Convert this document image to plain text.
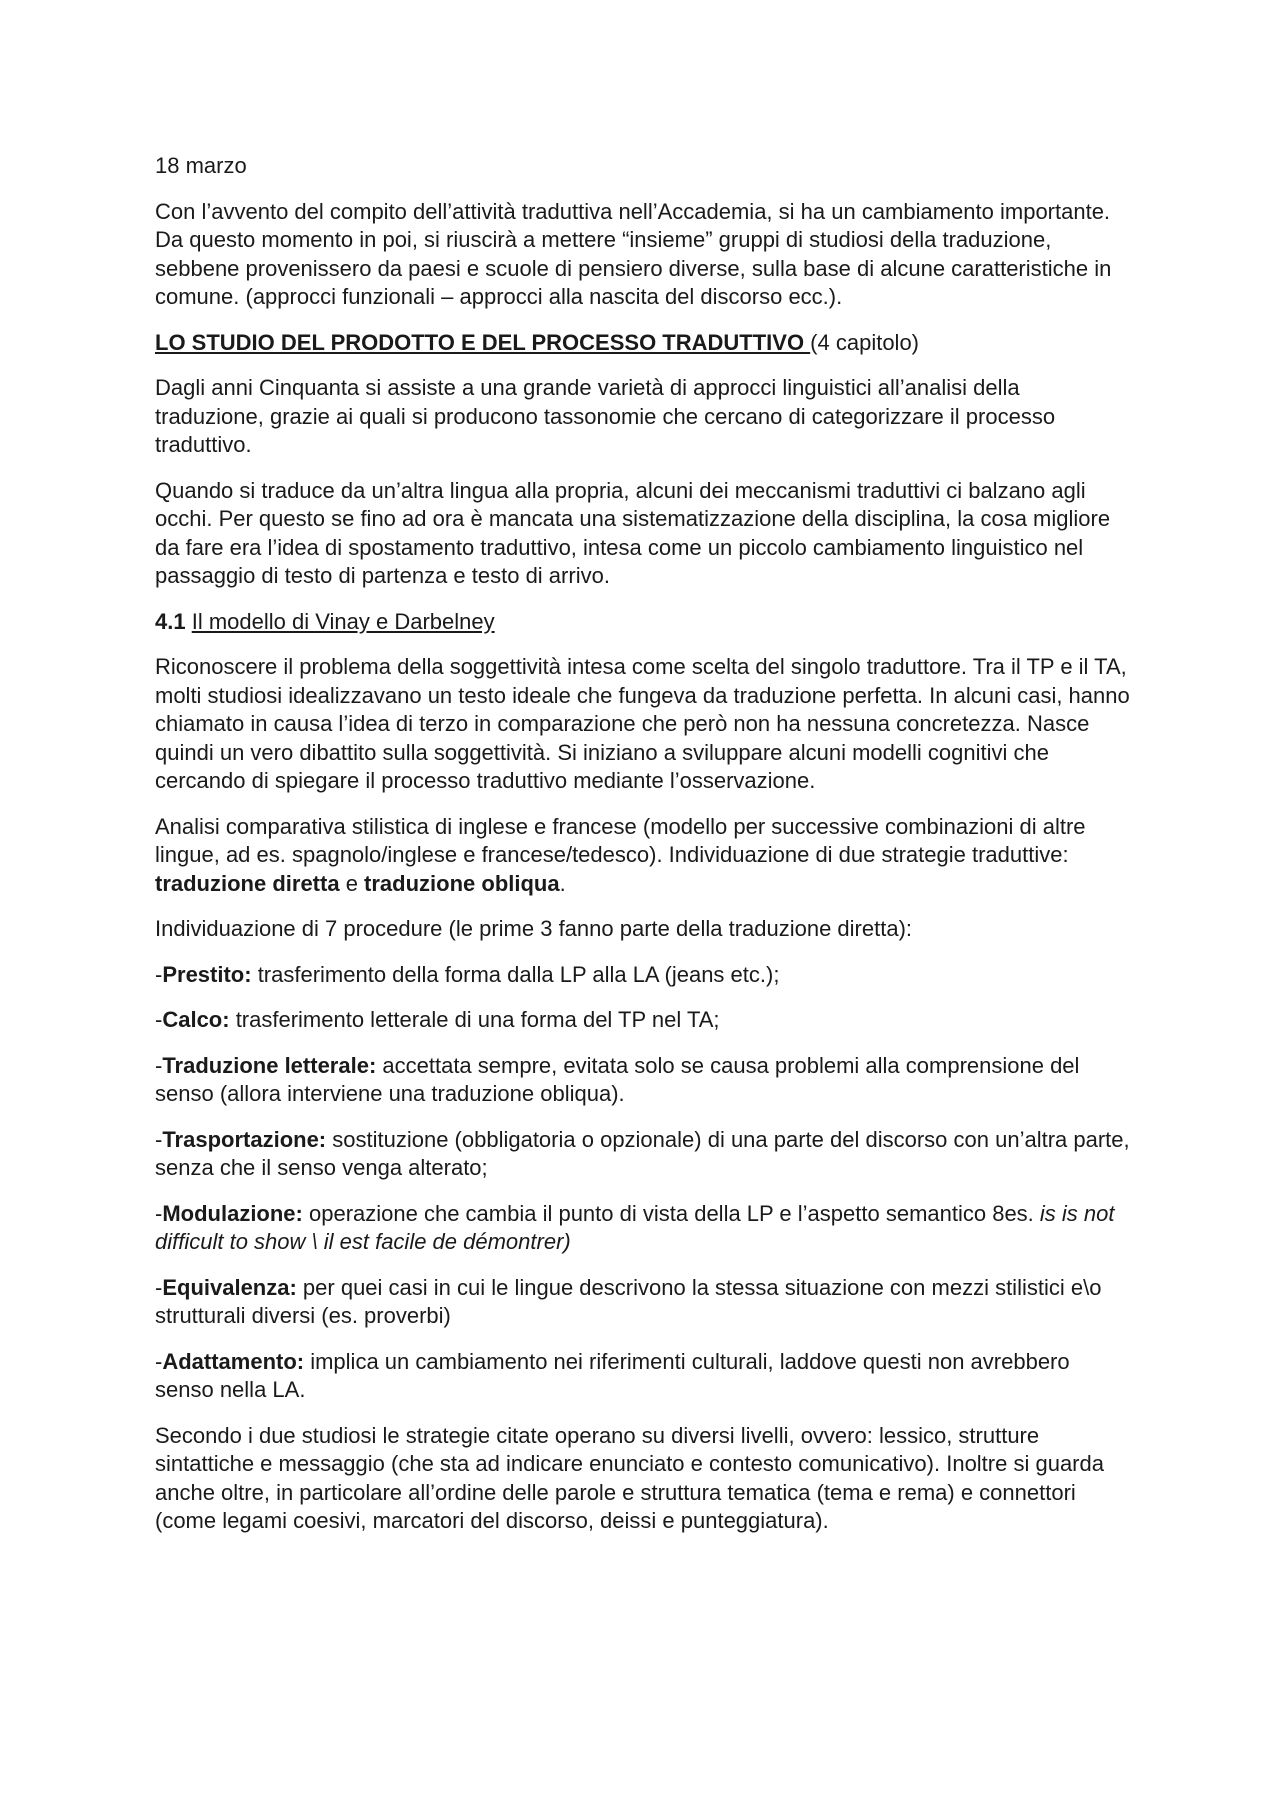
18 marzo

Con l’avvento del compito dell’attività traduttiva nell’Accademia, si ha un cambiamento importante. Da questo momento in poi, si riuscirà a mettere “insieme” gruppi di studiosi della traduzione, sebbene provenissero da paesi e scuole di pensiero diverse, sulla base di alcune caratteristiche in comune. (approcci funzionali – approcci alla nascita del discorso ecc.).

LO STUDIO DEL PRODOTTO E DEL PROCESSO TRADUTTIVO (4 capitolo)

Dagli anni Cinquanta si assiste a una grande varietà di approcci linguistici all’analisi della traduzione, grazie ai quali si producono tassonomie che cercano di categorizzare il processo traduttivo.

Quando si traduce da un’altra lingua alla propria, alcuni dei meccanismi traduttivi ci balzano agli occhi. Per questo se fino ad ora è mancata una sistematizzazione della disciplina, la cosa migliore da fare era l’idea di spostamento traduttivo, intesa come un piccolo cambiamento linguistico nel passaggio di testo di partenza e testo di arrivo.

4.1 Il modello di Vinay e Darbelney

Riconoscere il problema della soggettività intesa come scelta del singolo traduttore. Tra il TP e il TA, molti studiosi idealizzavano un testo ideale che fungeva da traduzione perfetta. In alcuni casi, hanno chiamato in causa l’idea di terzo in comparazione che però non ha nessuna concretezza. Nasce quindi un vero dibattito sulla soggettività. Si iniziano a sviluppare alcuni modelli cognitivi che cercando di spiegare il processo traduttivo mediante l’osservazione.

Analisi comparativa stilistica di inglese e francese (modello per successive combinazioni di altre lingue, ad es. spagnolo/inglese e francese/tedesco). Individuazione di due strategie traduttive: traduzione diretta e traduzione obliqua.

Individuazione di 7 procedure (le prime 3 fanno parte della traduzione diretta):

-Prestito: trasferimento della forma dalla LP alla LA (jeans etc.);

-Calco: trasferimento letterale di una forma del TP nel TA;

-Traduzione letterale: accettata sempre, evitata solo se causa problemi alla comprensione del senso (allora interviene una traduzione obliqua).

-Trasportazione: sostituzione (obbligatoria o opzionale) di una parte del discorso con un’altra parte, senza che il senso venga alterato;

-Modulazione: operazione che cambia il punto di vista della LP e l’aspetto semantico 8es. is is not difficult to show \ il est facile de démontrer)

-Equivalenza: per quei casi in cui le lingue descrivono la stessa situazione con mezzi stilistici e\o strutturali diversi (es. proverbi)

-Adattamento: implica un cambiamento nei riferimenti culturali, laddove questi non avrebbero senso nella LA.

Secondo i due studiosi le strategie citate operano su diversi livelli, ovvero: lessico, strutture sintattiche e messaggio (che sta ad indicare enunciato e contesto comunicativo). Inoltre si guarda anche oltre, in particolare all’ordine delle parole e struttura tematica (tema e rema) e connettori (come legami coesivi, marcatori del discorso, deissi e punteggiatura).
